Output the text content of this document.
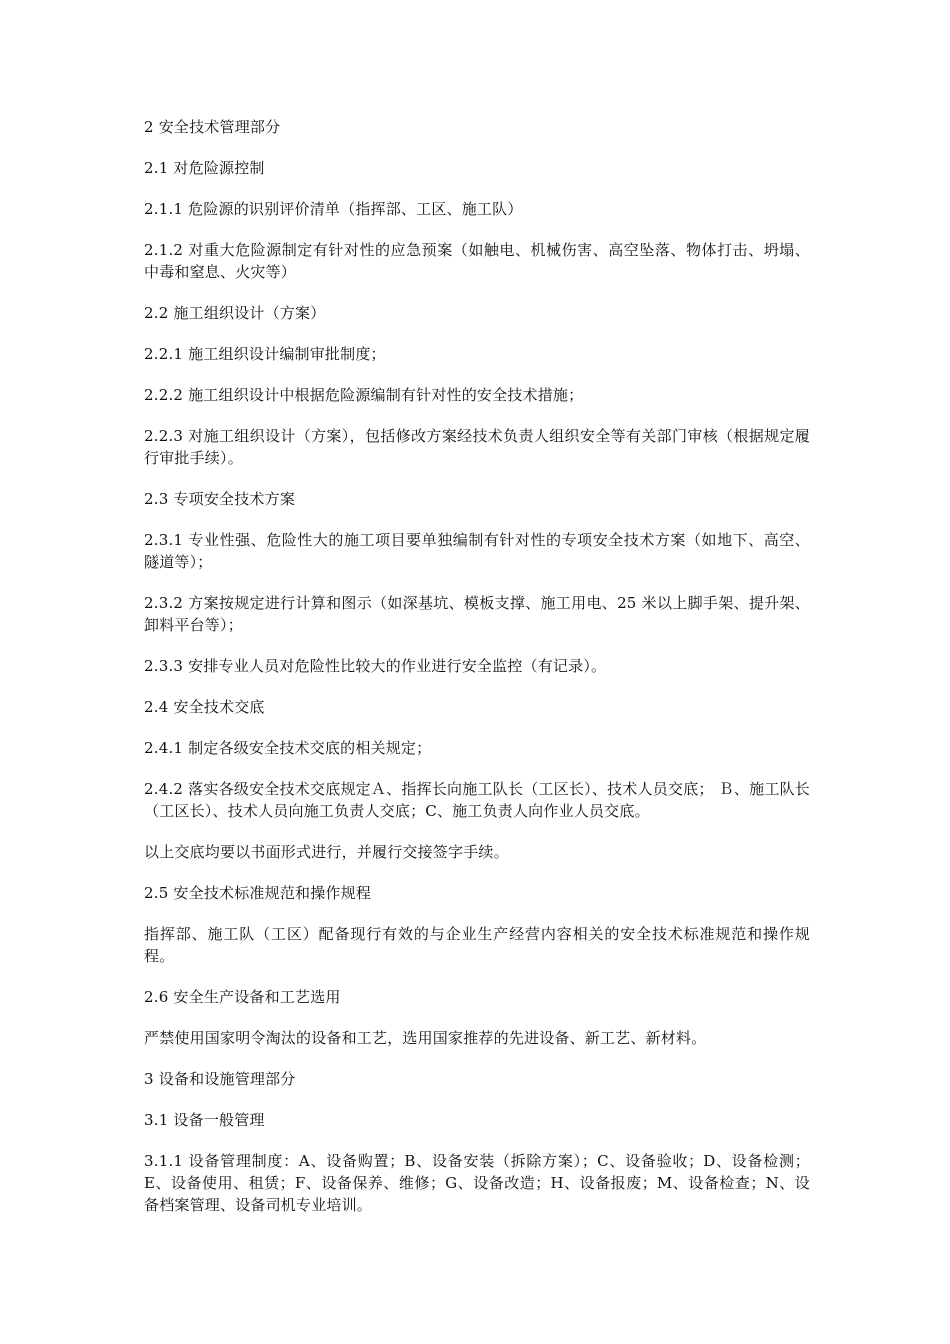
2 安全技术管理部分

2.1 对危险源控制

2.1.1 危险源的识别评价清单（指挥部、工区、施工队）

2.1.2 对重大危险源制定有针对性的应急预案（如触电、机械伤害、高空坠落、物体打击、坍塌、中毒和窒息、火灾等）

2.2 施工组织设计（方案）

2.2.1 施工组织设计编制审批制度；

2.2.2 施工组织设计中根据危险源编制有针对性的安全技术措施；

2.2.3 对施工组织设计（方案），包括修改方案经技术负责人组织安全等有关部门审核（根据规定履行审批手续）。

2.3 专项安全技术方案

2.3.1 专业性强、危险性大的施工项目要单独编制有针对性的专项安全技术方案（如地下、高空、隧道等）；

2.3.2 方案按规定进行计算和图示（如深基坑、模板支撑、施工用电、25 米以上脚手架、提升架、卸料平台等）；

2.3.3 安排专业人员对危险性比较大的作业进行安全监控（有记录）。

2.4 安全技术交底

2.4.1 制定各级安全技术交底的相关规定；

2.4.2 落实各级安全技术交底规定Ａ、指挥长向施工队长（工区长）、技术人员交底； Ｂ、施工队长（工区长）、技术人员向施工负责人交底；C、施工负责人向作业人员交底。

以上交底均要以书面形式进行，并履行交接签字手续。

2.5 安全技术标准规范和操作规程

指挥部、施工队（工区）配备现行有效的与企业生产经营内容相关的安全技术标准规范和操作规程。

2.6 安全生产设备和工艺选用

严禁使用国家明令淘汰的设备和工艺，选用国家推荐的先进设备、新工艺、新材料。

3 设备和设施管理部分

3.1 设备一般管理

3.1.1 设备管理制度：A、设备购置；B、设备安装（拆除方案）；C、设备验收；D、设备检测；E、设备使用、租赁；F、设备保养、维修；G、设备改造；H、设备报废；M、设备检查；N、设备档案管理、设备司机专业培训。
